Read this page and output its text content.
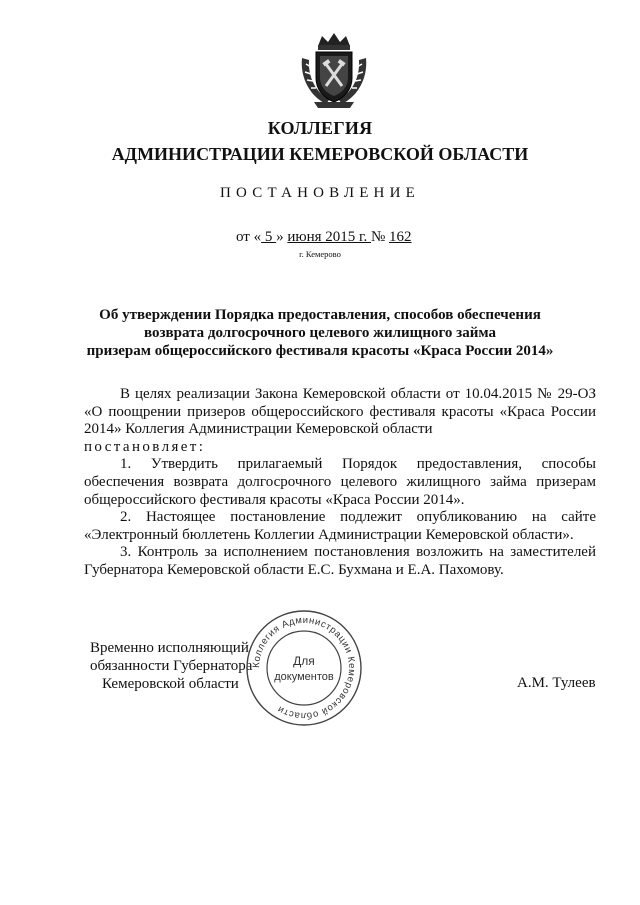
КОЛЛЕГИЯ
АДМИНИСТРАЦИИ КЕМЕРОВСКОЙ ОБЛАСТИ
ПОСТАНОВЛЕНИЕ
от « 5 » июня 2015 г. № 162
г. Кемерово
Об утверждении Порядка предоставления, способов обеспечения
возврата долгосрочного целевого жилищного займа
призерам общероссийского фестиваля красоты «Краса России 2014»

В целях реализации Закона Кемеровской области от 10.04.2015 № 29-ОЗ «О поощрении призеров общероссийского фестиваля красоты «Краса России 2014» Коллегия Администрации Кемеровской области

постановляет:

1. Утвердить прилагаемый Порядок предоставления, способы обеспечения возврата долгосрочного целевого жилищного займа призерам общероссийского фестиваля красоты «Краса России 2014».

2. Настоящее постановление подлежит опубликованию на сайте «Электронный бюллетень Коллегии Администрации Кемеровской области».

3. Контроль за исполнением постановления возложить на заместителей Губернатора Кемеровской области Е.С. Бухмана и Е.А. Пахомову.

Временно исполняющий
обязанности Губернатора
Кемеровской области	А.М. Тулеев
Коллегия Администрации Кемеровской области
Для
документов
